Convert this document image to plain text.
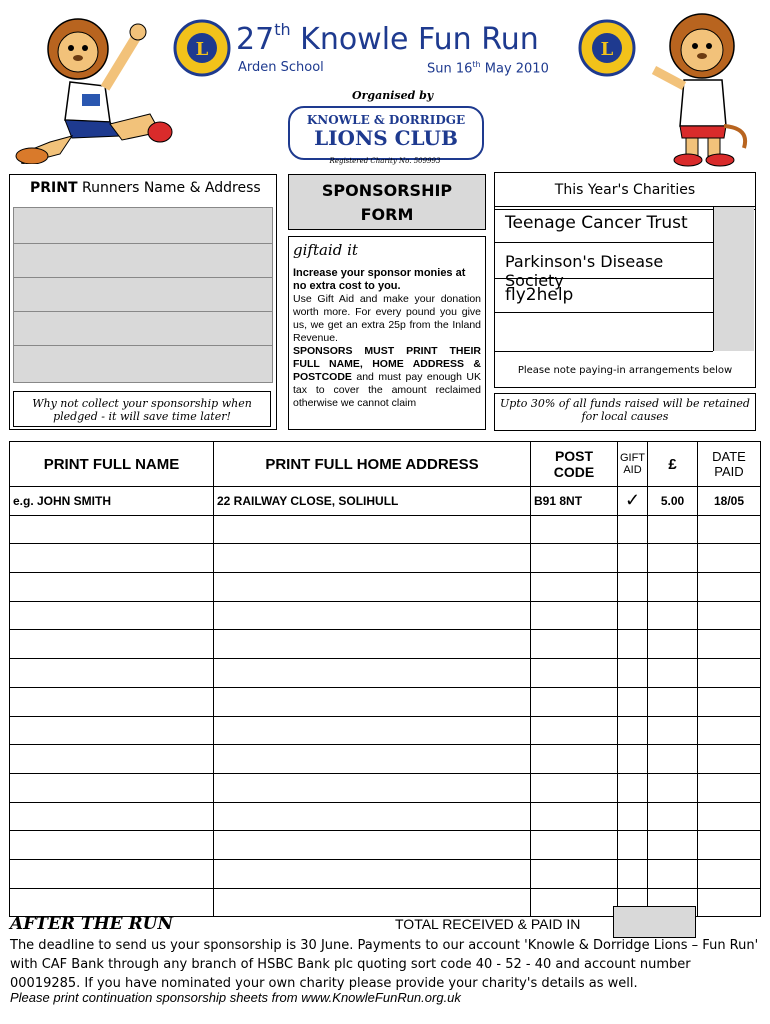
L	L
27th Knowle Fun Run
Arden School	Sun 16th May 2010
Organised by
KNOWLE & DORRIDGE
LIONS CLUB
Registered Charity No. 509993
PRINT Runners Name & Address
Why not collect your sponsorship when pledged - it will save time later!
SPONSORSHIP
FORM
giftaid it
Increase your sponsor monies at no extra cost to you.
Use Gift Aid and make your donation worth more. For every pound you give us, we get an extra 25p from the Inland Revenue.
SPONSORS MUST PRINT THEIR FULL NAME, HOME ADDRESS & POSTCODE and must pay enough UK tax to cover the amount reclaimed otherwise we cannot claim
This Year's Charities
Teenage Cancer Trust
Parkinson's Disease Society
fly2help
Please note paying-in arrangements below
Upto 30% of all funds raised will be retained for local causes
PRINT FULL NAME	PRINT FULL HOME ADDRESS	POST CODE	GIFT AID	£	DATE PAID
e.g. JOHN SMITH	22 RAILWAY CLOSE, SOLIHULL	B91 8NT	✓	5.00	18/05

TOTAL RECEIVED & PAID IN
AFTER THE RUN
The deadline to send us your sponsorship is 30 June. Payments to our account 'Knowle & Dorridge Lions – Fun Run' with CAF Bank through any branch of HSBC Bank plc quoting sort code 40 - 52 - 40 and account number 00019285. If you have nominated your own charity please provide your charity's details as well.
Please print continuation sponsorship sheets from www.KnowleFunRun.org.uk
